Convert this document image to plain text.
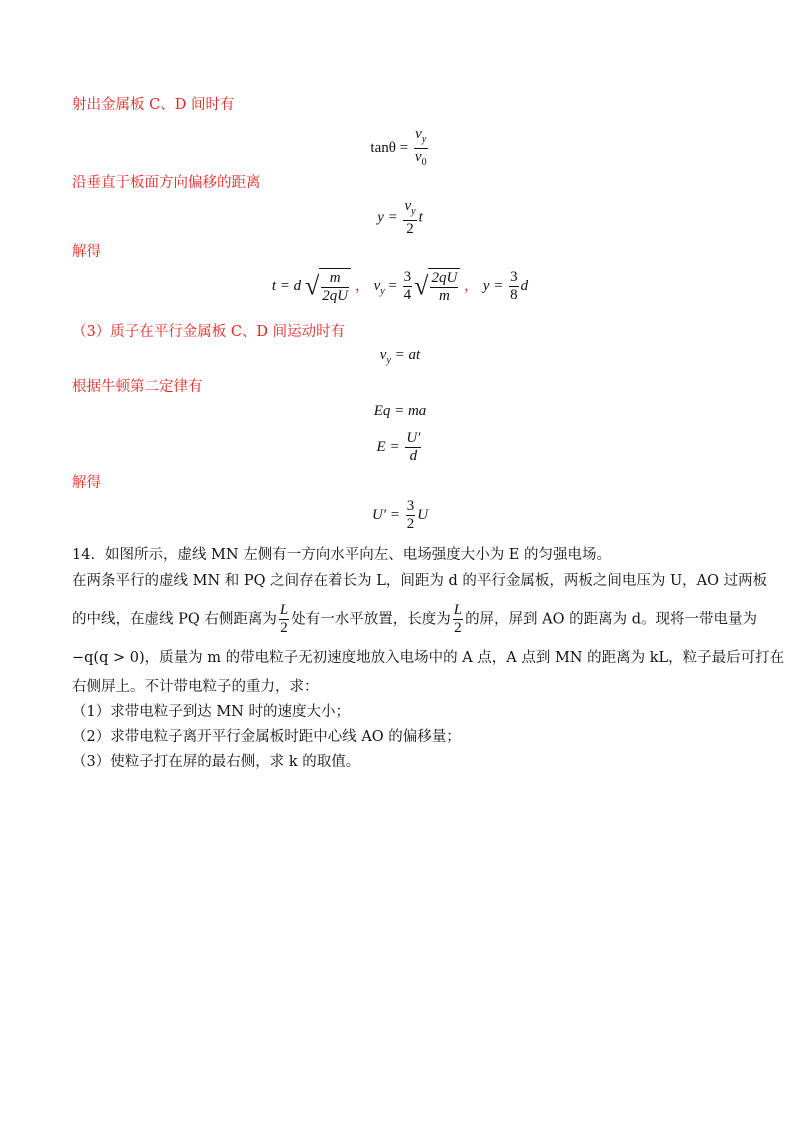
射出金属板 C、D 间时有
$\tan\theta = \frac{v_y}{v_0}$
沿垂直于板面方向偏移的距离
$y = \frac{v_y}{2}$ t
解得
t = d √ $\frac{m}{2qU}$ ， $v_y = \frac{3}{4}$ √ $\frac{2qU}{m}$ ， $y = \frac{3}{8}$ d
（3）质子在平行金属板 C、D 间运动时有
$v_y$ = at
根据牛顿第二定律有
Eq = ma
$E = \frac{U'}{d}$
解得
$U' = \frac{3}{2}$ U
14．如图所示，虚线 MN 左侧有一方向水平向左、电场强度大小为 E 的匀强电场。
在两条平行的虚线 MN 和 PQ 之间存在着长为 L，间距为 d 的平行金属板，两板之间电压为 U，AO 过两板
的中线，在虚线 PQ 右侧距离为 $\frac{L}{2}$ 处有一水平放置，长度为 $\frac{L}{2}$ 的屏，屏到 AO 的距离为 d。现将一带电量为
−q(q > 0)，质量为 m 的带电粒子无初速度地放入电场中的 A 点，A 点到 MN 的距离为 kL，粒子最后可打在
右侧屏上。不计带电粒子的重力，求：
（1）求带电粒子到达 MN 时的速度大小；
（2）求带电粒子离开平行金属板时距中心线 AO 的偏移量；
（3）使粒子打在屏的最右侧，求 k 的取值。
